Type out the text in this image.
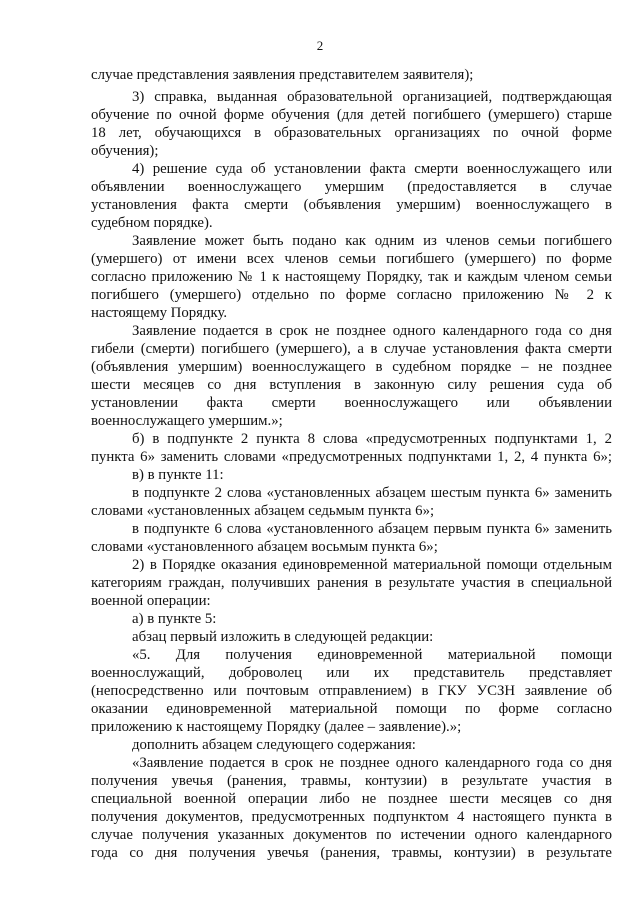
2
случае представления заявления представителем заявителя);
3) справка, выданная образовательной организацией, подтверждающая
обучение по очной форме обучения (для детей погибшего (умершего) старше
18 лет, обучающихся в образовательных организациях по очной форме
обучения);
4) решение суда об установлении факта смерти военнослужащего или
объявлении военнослужащего умершим (предоставляется в случае
установления факта смерти (объявления умершим) военнослужащего в
судебном порядке).
Заявление может быть подано как одним из членов семьи погибшего
(умершего) от имени всех членов семьи погибшего (умершего) по форме
согласно приложению № 1 к настоящему Порядку, так и каждым членом семьи
погибшего (умершего) отдельно по форме согласно приложению № 2 к
настоящему Порядку.
Заявление подается в срок не позднее одного календарного года со дня
гибели (смерти) погибшего (умершего), а в случае установления факта смерти
(объявления умершим) военнослужащего в судебном порядке – не позднее
шести месяцев со дня вступления в законную силу решения суда об
установлении факта смерти военнослужащего или объявлении
военнослужащего умершим.»;
б) в подпункте 2 пункта 8 слова «предусмотренных подпунктами 1, 2
пункта 6» заменить словами «предусмотренных подпунктами 1, 2, 4 пункта 6»;
в) в пункте 11:
в подпункте 2 слова «установленных абзацем шестым пункта 6» заменить
словами «установленных абзацем седьмым пункта 6»;
в подпункте 6 слова «установленного абзацем первым пункта 6» заменить
словами «установленного абзацем восьмым пункта 6»;
2) в Порядке оказания единовременной материальной помощи отдельным
категориям граждан, получивших ранения в результате участия в специальной
военной операции:
а) в пункте 5:
абзац первый изложить в следующей редакции:
«5. Для получения единовременной материальной помощи
военнослужащий, доброволец или их представитель представляет
(непосредственно или почтовым отправлением) в ГКУ УСЗН заявление об
оказании единовременной материальной помощи по форме согласно
приложению к настоящему Порядку (далее – заявление).»;
дополнить абзацем следующего содержания:
«Заявление подается в срок не позднее одного календарного года со дня
получения увечья (ранения, травмы, контузии) в результате участия в
специальной военной операции либо не позднее шести месяцев со дня
получения документов, предусмотренных подпунктом 4 настоящего пункта в
случае получения указанных документов по истечении одного календарного
года со дня получения увечья (ранения, травмы, контузии) в результате
